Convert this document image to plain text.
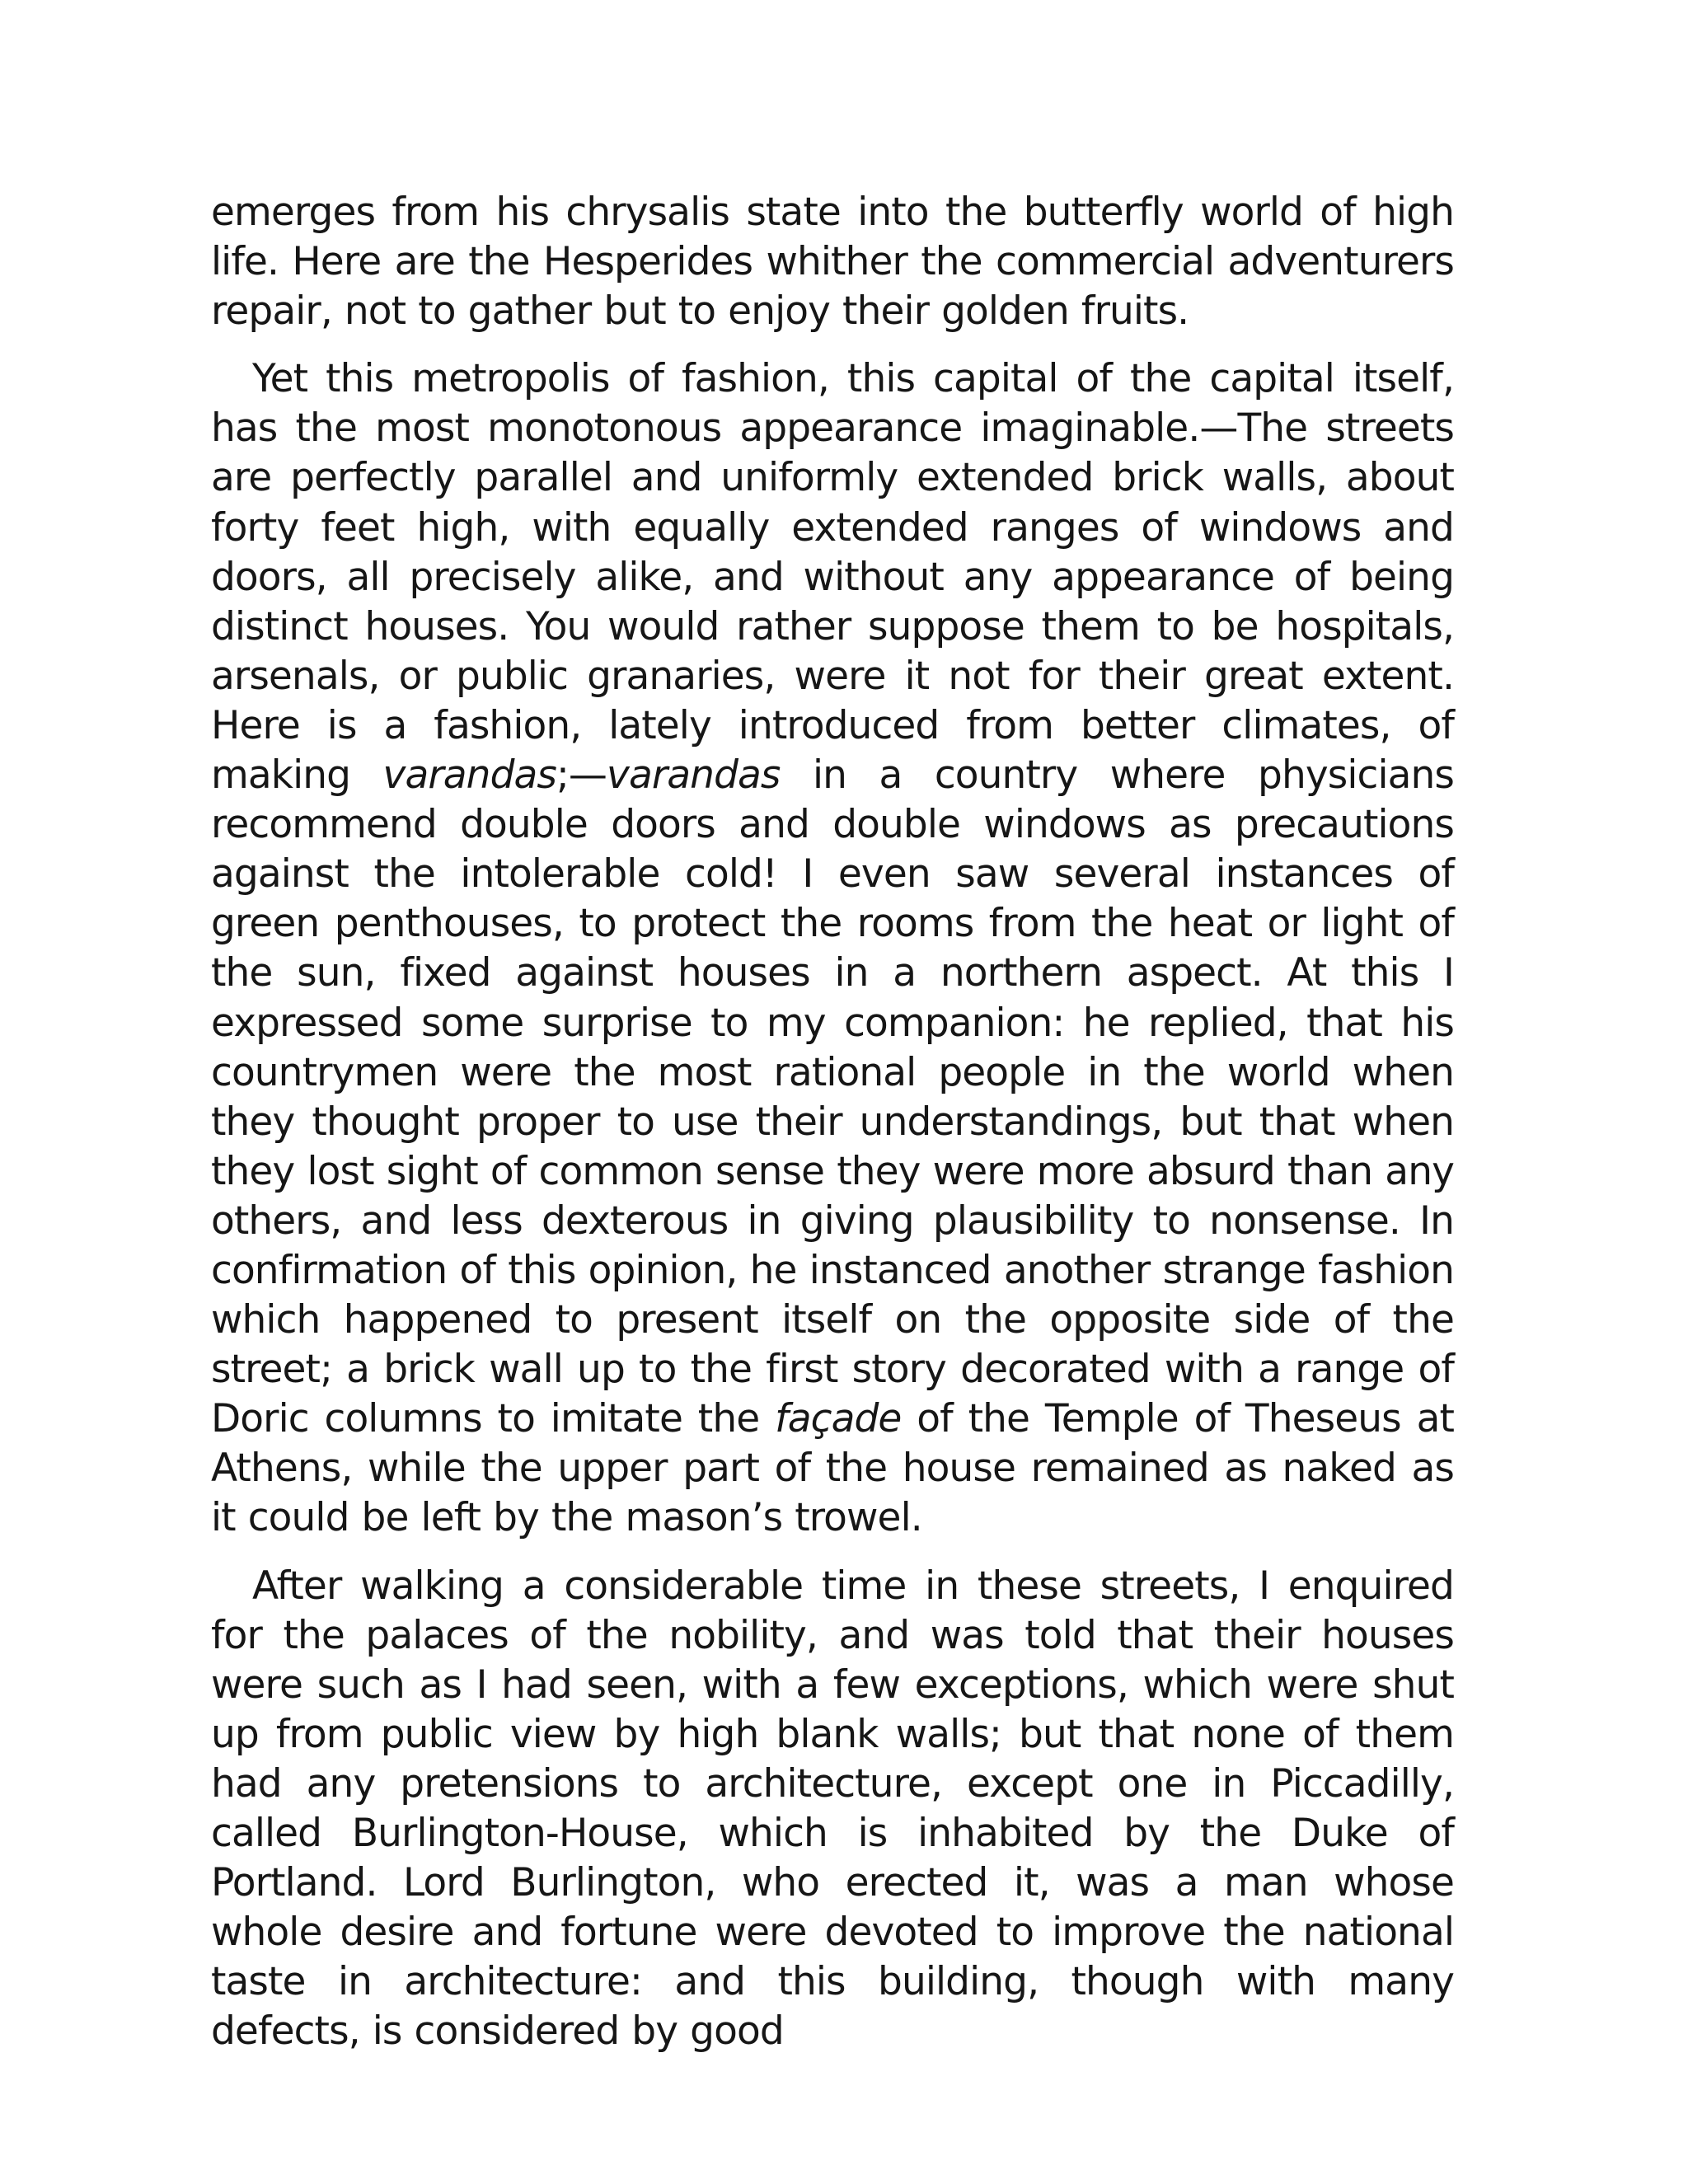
emerges from his chrysalis state into the butterfly world of high life. Here are the Hesperides whither the commercial adventurers repair, not to gather but to enjoy their golden fruits.

Yet this metropolis of fashion, this capital of the capital itself, has the most monotonous appearance imaginable.—The streets are perfectly parallel and uniformly extended brick walls, about forty feet high, with equally extended ranges of windows and doors, all precisely alike, and without any appearance of being distinct houses. You would rather suppose them to be hospitals, arsenals, or public granaries, were it not for their great extent. Here is a fashion, lately introduced from better climates, of making varandas;—varandas in a country where physicians recommend double doors and double windows as precautions against the intolerable cold! I even saw several instances of green penthouses, to protect the rooms from the heat or light of the sun, fixed against houses in a northern aspect. At this I expressed some surprise to my companion: he replied, that his countrymen were the most rational people in the world when they thought proper to use their understandings, but that when they lost sight of common sense they were more absurd than any others, and less dexterous in giving plausibility to nonsense. In confirmation of this opinion, he instanced another strange fashion which happened to present itself on the opposite side of the street; a brick wall up to the first story decorated with a range of Doric columns to imitate the façade of the Temple of Theseus at Athens, while the upper part of the house remained as naked as it could be left by the mason’s trowel.

After walking a considerable time in these streets, I enquired for the palaces of the nobility, and was told that their houses were such as I had seen, with a few exceptions, which were shut up from public view by high blank walls; but that none of them had any pretensions to architecture, except one in Piccadilly, called Burlington-House, which is inhabited by the Duke of Portland. Lord Burlington, who erected it, was a man whose whole desire and fortune were devoted to improve the national taste in architecture: and this building, though with many defects, is considered by good
